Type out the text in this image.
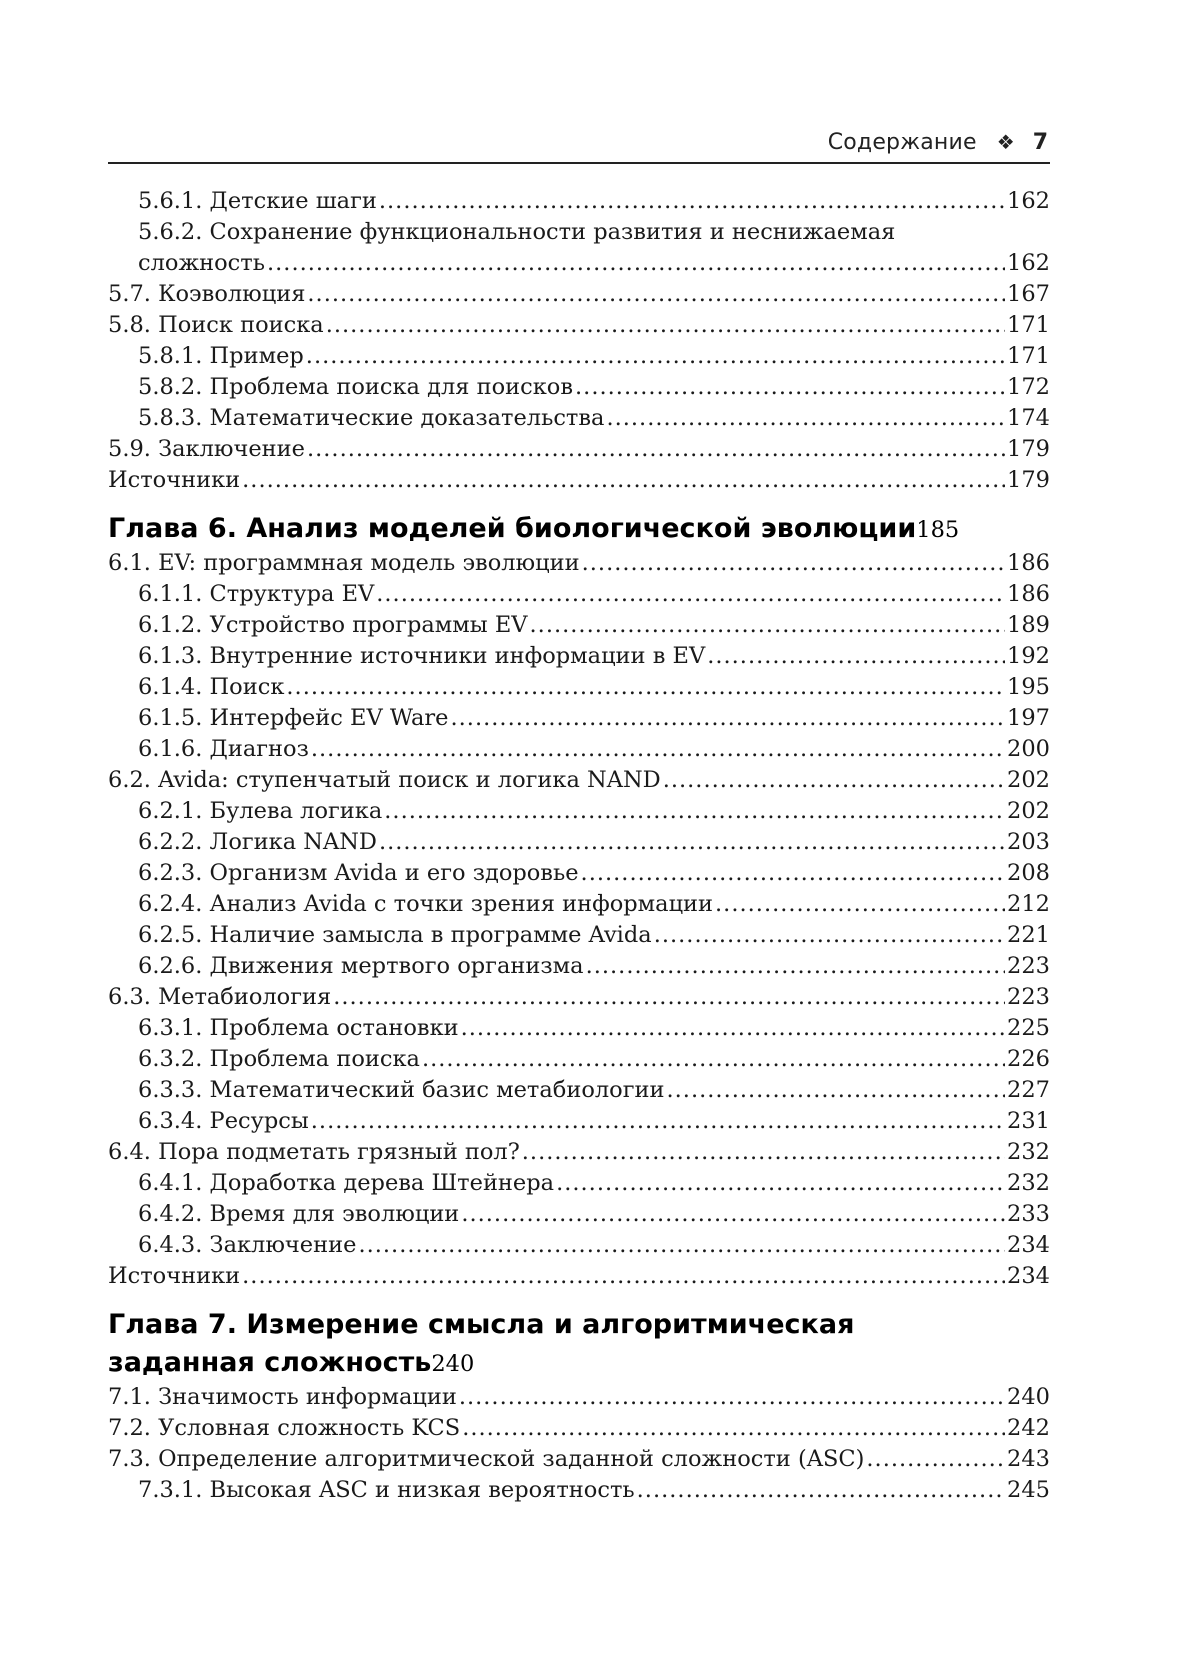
Содержание ❖ 7
5.6.1. Детские шаги .....	162
5.6.2. Сохранение функциональности развития и неснижаемая
сложность .....	162
5.7. Коэволюция .....	167
5.8. Поиск поиска .....	171
5.8.1. Пример .....	171
5.8.2. Проблема поиска для поисков .....	172
5.8.3. Математические доказательства .....	174
5.9. Заключение .....	179
Источники .....	179
Глава 6. Анализ моделей биологической эволюции 185
6.1. EV: программная модель эволюции .....	186
6.1.1. Структура EV .....	186
6.1.2. Устройство программы EV .....	189
6.1.3. Внутренние источники информации в EV .....	192
6.1.4. Поиск .....	195
6.1.5. Интерфейс EV Ware .....	197
6.1.6. Диагноз .....	200
6.2. Avida: ступенчатый поиск и логика NAND .....	202
6.2.1. Булева логика .....	202
6.2.2. Логика NAND .....	203
6.2.3. Организм Avida и его здоровье .....	208
6.2.4. Анализ Avida с точки зрения информации .....	212
6.2.5. Наличие замысла в программе Avida .....	221
6.2.6. Движения мертвого организма .....	223
6.3. Метабиология .....	223
6.3.1. Проблема остановки .....	225
6.3.2. Проблема поиска .....	226
6.3.3. Математический базис метабиологии .....	227
6.3.4. Ресурсы .....	231
6.4. Пора подметать грязный пол? .....	232
6.4.1. Доработка дерева Штейнера .....	232
6.4.2. Время для эволюции .....	233
6.4.3. Заключение .....	234
Источники .....	234
Глава 7. Измерение смысла и алгоритмическая
заданная сложность 240
7.1. Значимость информации .....	240
7.2. Условная сложность KCS .....	242
7.3. Определение алгоритмической заданной сложности (ASC) .....	243
7.3.1. Высокая ASC и низкая вероятность .....	245
